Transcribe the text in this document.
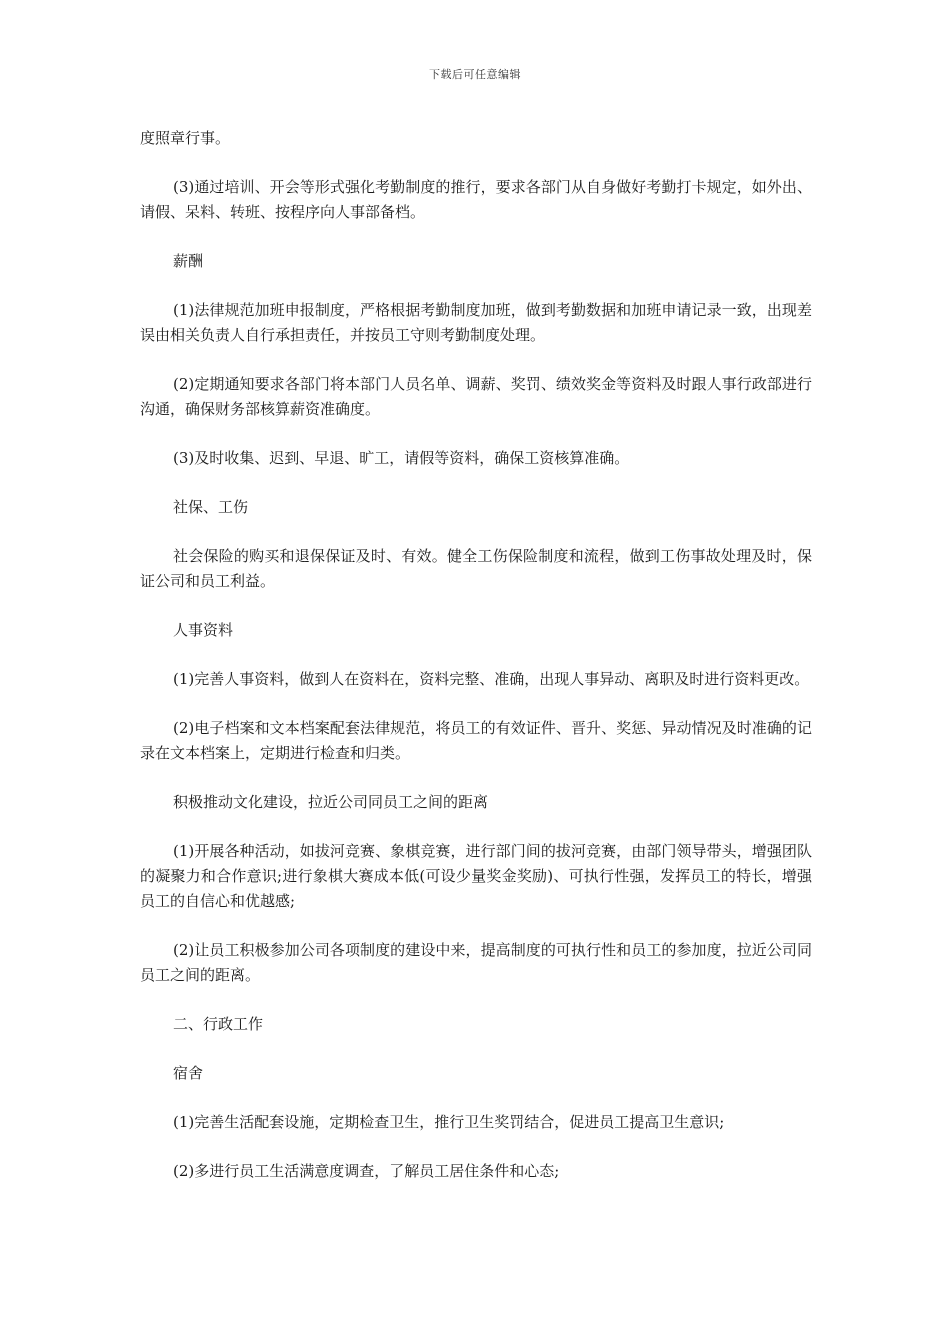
下载后可任意编辑

度照章行事。

(3)通过培训、开会等形式强化考勤制度的推行，要求各部门从自身做好考勤打卡规定，如外出、请假、呆料、转班、按程序向人事部备档。

薪酬

(1)法律规范加班申报制度，严格根据考勤制度加班，做到考勤数据和加班申请记录一致，出现差误由相关负责人自行承担责任，并按员工守则考勤制度处理。

(2)定期通知要求各部门将本部门人员名单、调薪、奖罚、绩效奖金等资料及时跟人事行政部进行沟通，确保财务部核算薪资准确度。

(3)及时收集、迟到、早退、旷工，请假等资料，确保工资核算准确。

社保、工伤

社会保险的购买和退保保证及时、有效。健全工伤保险制度和流程，做到工伤事故处理及时，保证公司和员工利益。

人事资料

(1)完善人事资料，做到人在资料在，资料完整、准确，出现人事异动、离职及时进行资料更改。

(2)电子档案和文本档案配套法律规范，将员工的有效证件、晋升、奖惩、异动情况及时准确的记录在文本档案上，定期进行检查和归类。

积极推动文化建设，拉近公司同员工之间的距离

(1)开展各种活动，如拔河竞赛、象棋竞赛，进行部门间的拔河竞赛，由部门领导带头，增强团队的凝聚力和合作意识;进行象棋大赛成本低(可设少量奖金奖励)、可执行性强，发挥员工的特长，增强员工的自信心和优越感;

(2)让员工积极参加公司各项制度的建设中来，提高制度的可执行性和员工的参加度，拉近公司同员工之间的距离。

二、行政工作

宿舍

(1)完善生活配套设施，定期检查卫生，推行卫生奖罚结合，促进员工提高卫生意识;

(2)多进行员工生活满意度调查，了解员工居住条件和心态;
